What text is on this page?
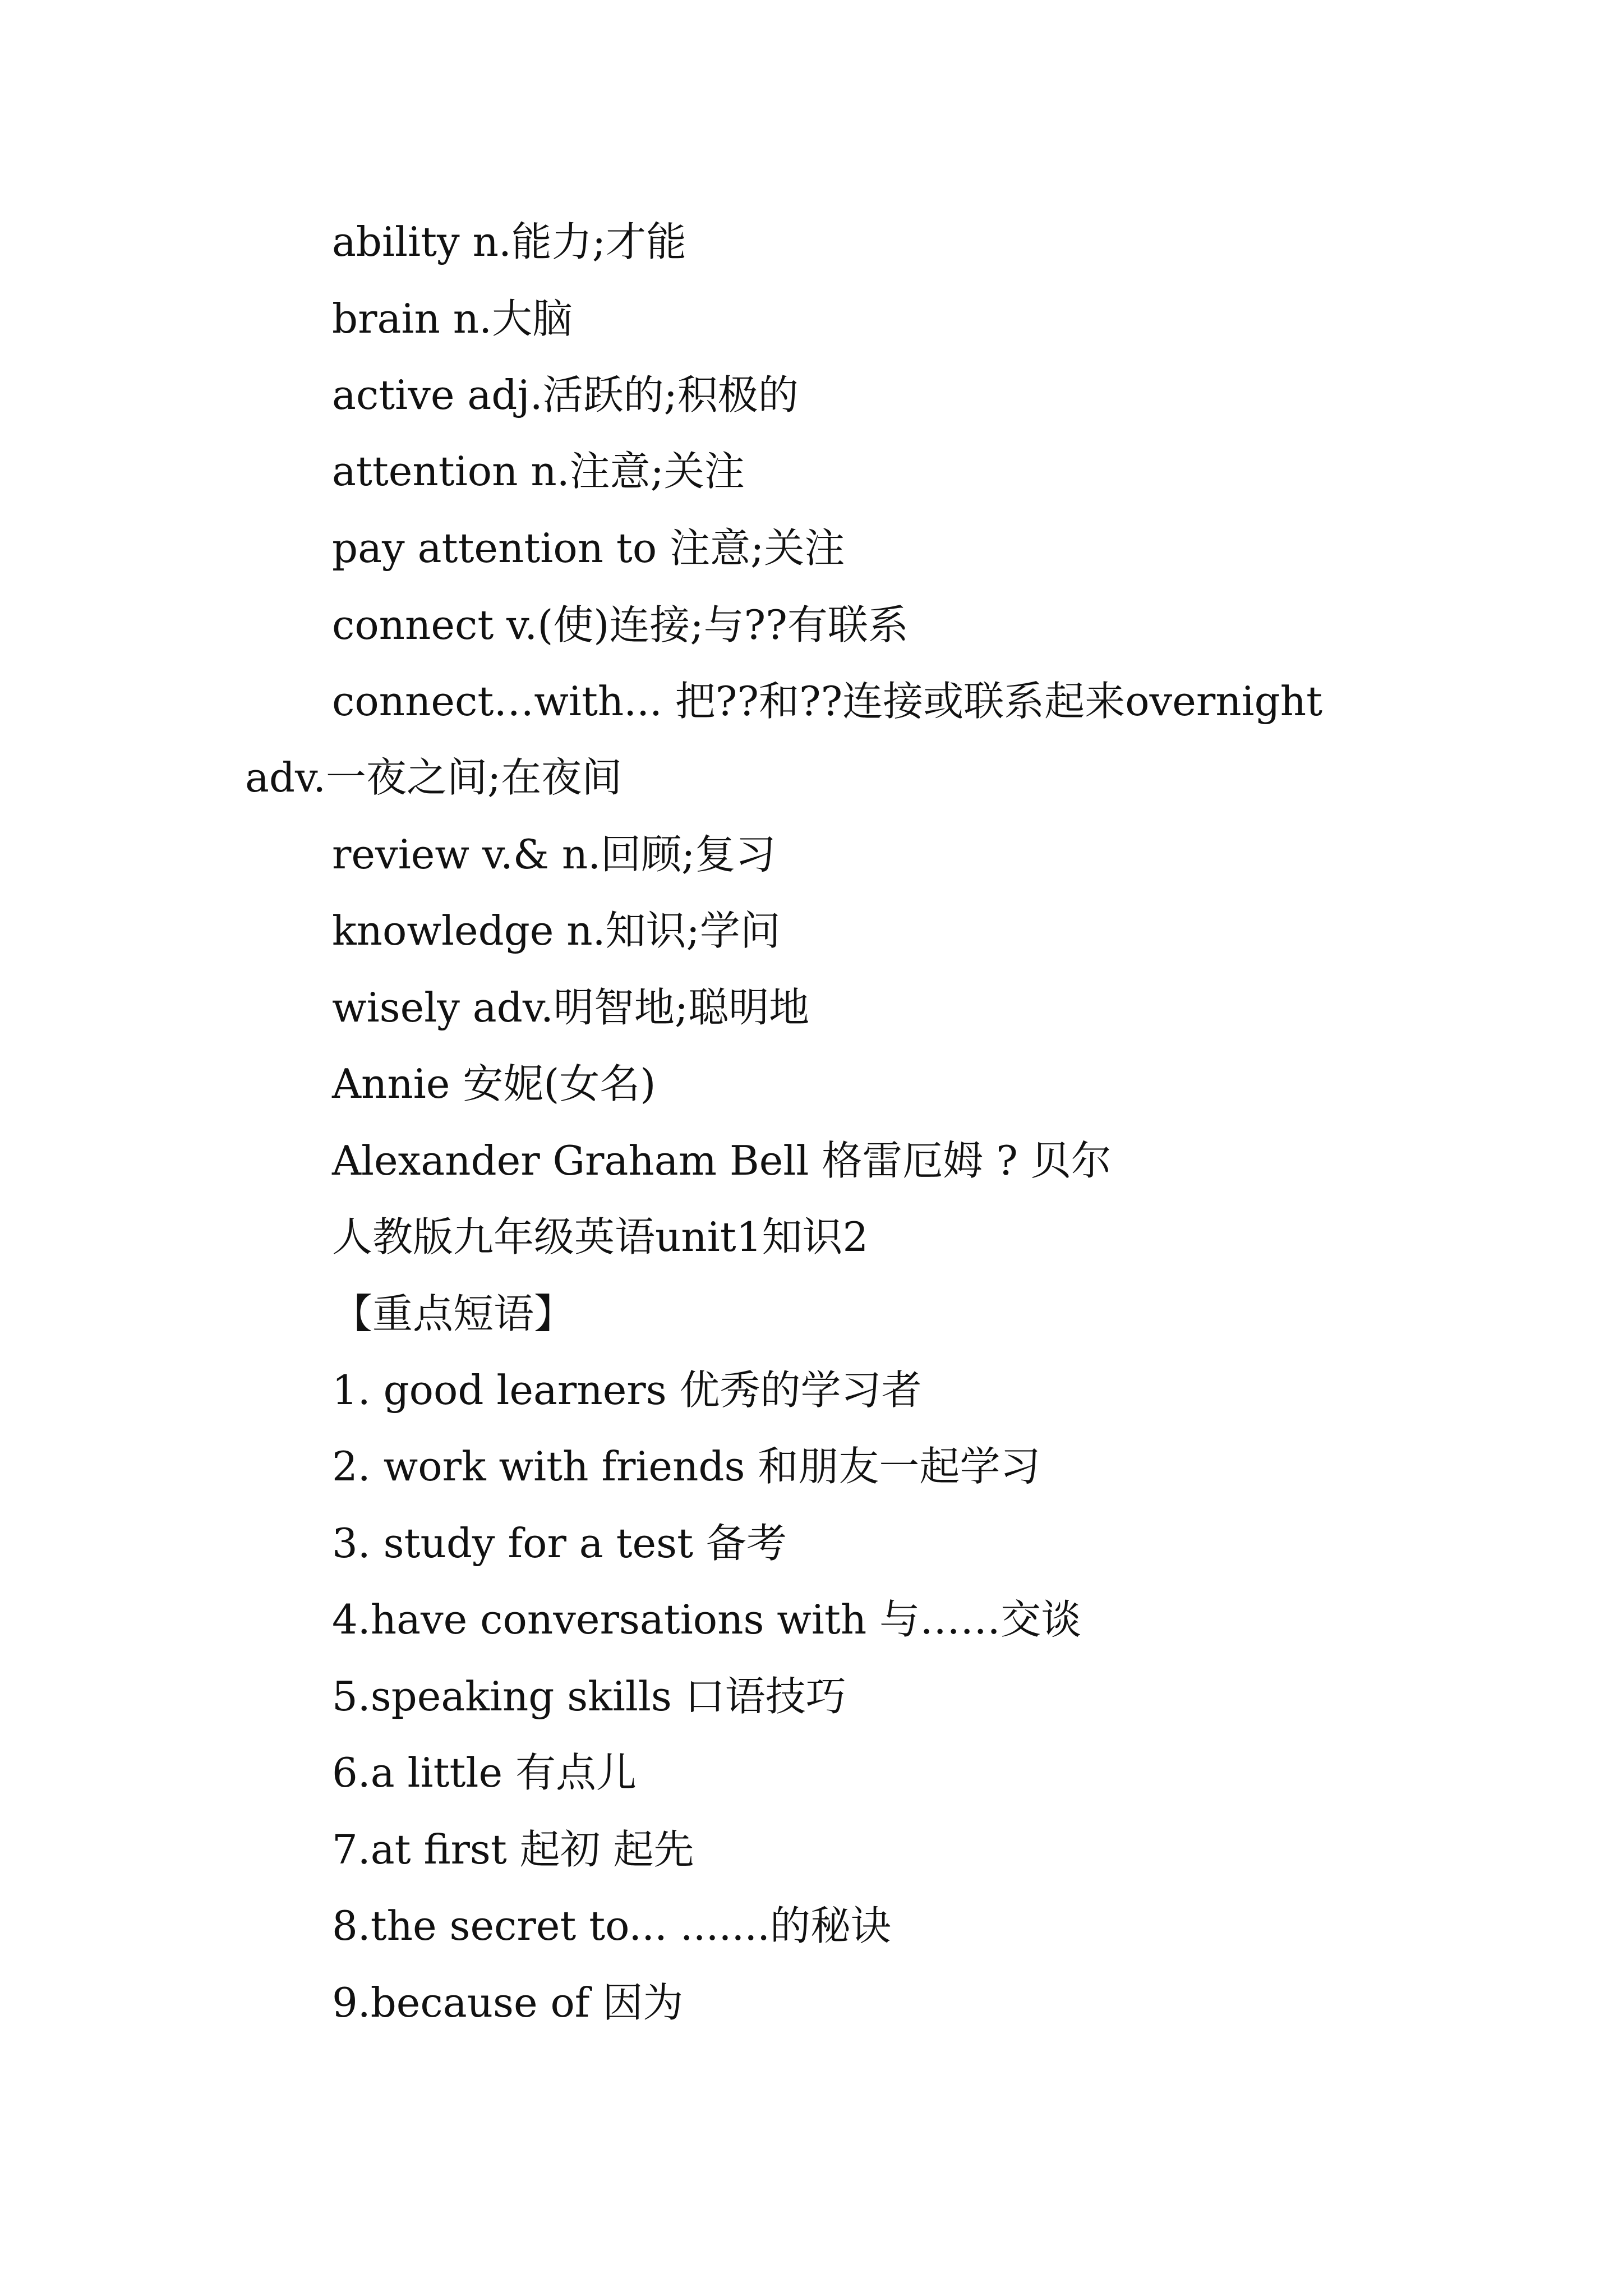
ability n.能力;才能
brain n.大脑
active adj.活跃的;积极的
attention n.注意;关注
pay attention to 注意;关注
connect v.(使)连接;与??有联系
connect…with... 把??和??连接或联系起来overnight
adv.一夜之间;在夜间
review v.& n.回顾;复习
knowledge n.知识;学问
wisely adv.明智地;聪明地
Annie 安妮(女名)
Alexander Graham Bell 格雷厄姆 ? 贝尔
人教版九年级英语unit1知识2
【重点短语】
1. good learners 优秀的学习者
2. work with friends 和朋友一起学习
3. study for a test 备考
4.have conversations with 与……交谈
5.speaking skills 口语技巧
6.a little 有点儿
7.at first 起初 起先
8.the secret to... .......的秘诀
9.because of 因为
